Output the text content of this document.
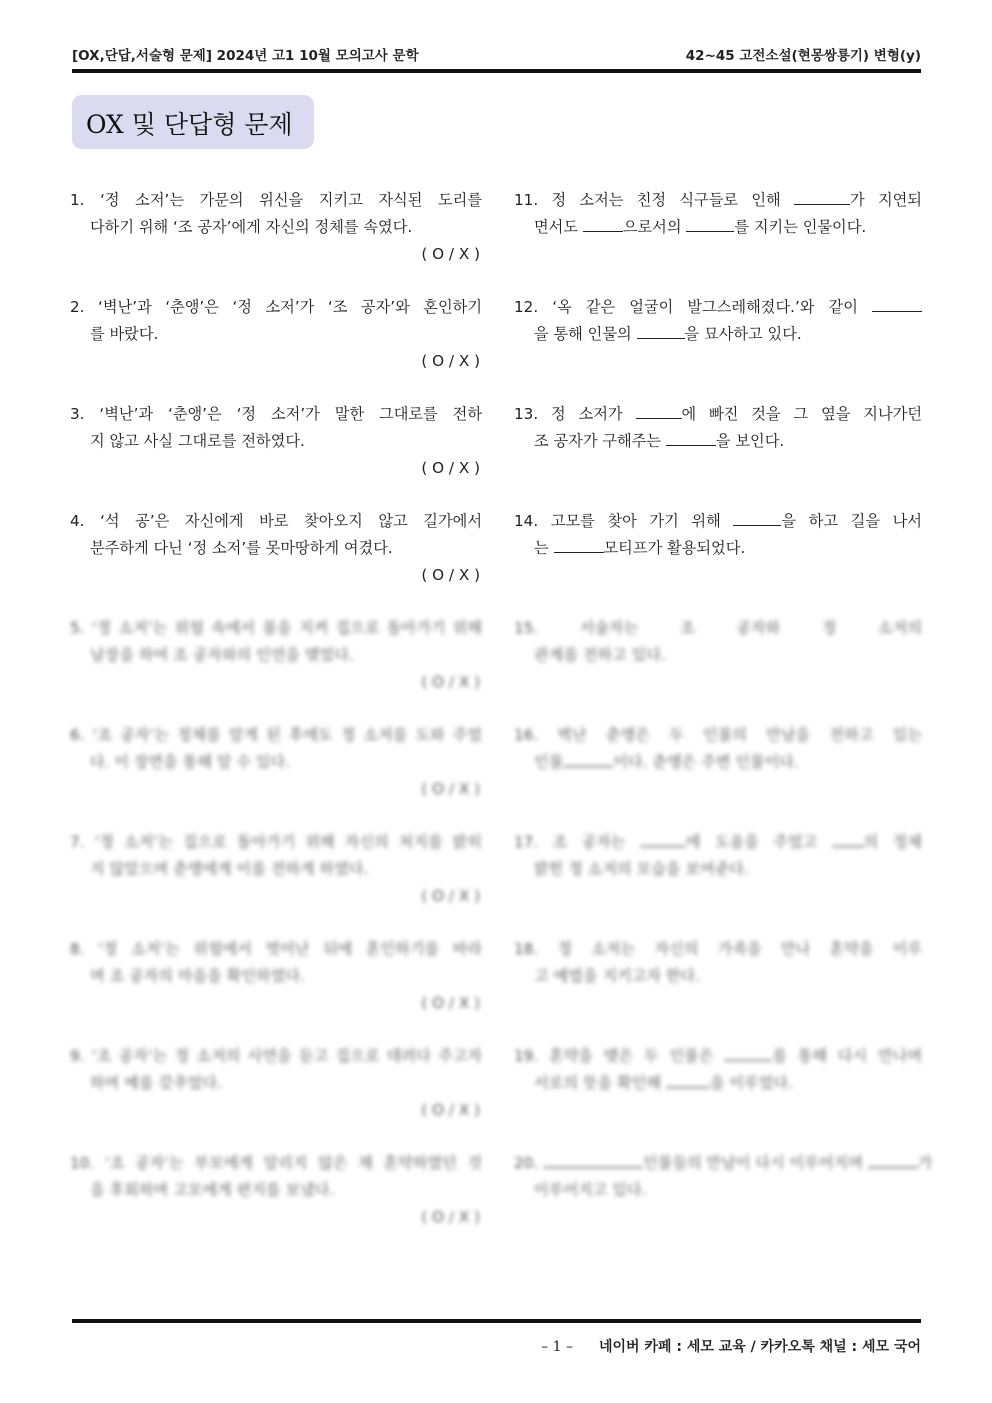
[OX,단답,서술형 문제] 2024년 고1 10월 모의고사 문학	42~45 고전소설(현몽쌍룡기) 변형(y)
OX 및 단답형 문제
1. ‘정 소저’는 가문의 위신을 지키고 자식된 도리를
다하기 위해 ‘조 공자’에게 자신의 정체를 속였다.
( O / X )
2. ‘벽난’과 ‘춘앵’은 ‘정 소저’가 ‘조 공자’와 혼인하기
를 바랐다.
( O / X )
3. ‘벽난’과 ‘춘앵’은 ‘정 소저’가 말한 그대로를 전하
지 않고 사실 그대로를 전하였다.
( O / X )
4. ‘석 공’은 자신에게 바로 찾아오지 않고 길가에서
분주하게 다닌 ‘정 소저’를 못마땅하게 여겼다.
( O / X )
5. ‘정 소저’는 위험 속에서 몸을 지켜 집으로 돌아가기 위해
남장을 하여 조 공자와의 인연을 맺었다.
( O / X )
6. ‘조 공자’는 정체를 알게 된 후에도 정 소저를 도와 주었
다. 이 장면을 통해 알 수 있다.
( O / X )
7. ‘정 소저’는 집으로 돌아가기 위해 자신의 처지를 밝히
지 않았으며 춘앵에게 이를 전하게 하였다.
( O / X )
8. ‘정 소저’는 위험에서 벗어난 뒤에 혼인하기를 바라
며 조 공자의 마음을 확인하였다.
( O / X )
9. ‘조 공자’는 정 소저의 사연을 듣고 집으로 데려다 주고자
하며 예를 갖추었다.
( O / X )
10. ‘조 공자’는 부모에게 알리지 않은 채 혼약하였던 것
을 후회하며 고모에게 편지를 보냈다.
( O / X )
11. 정 소저는 친정 식구들로 인해	가 지연되
면서도	으로서의	를 지키는 인물이다.
12. ‘옥 같은 얼굴이 발그스레해졌다.’와 같이
을 통해 인물의	을 묘사하고 있다.
13. 정 소저가	에 빠진 것을 그 옆을 지나가던
조 공자가 구해주는	을 보인다.
14. 고모를 찾아 가기 위해	을 하고 길을 나서
는	모티프가 활용되었다.
15. 서술자는 조 공자와 정 소저의
관계를 전하고 있다.
16. 벽난 춘앵은 두 인물의 만남을 전하고 있는
인물	이다. 춘앵은 주변 인물이다.
17. 조 공자는	에 도움을 주었고 의 정체
밝힌 정 소저의 모습을 보여준다.
18. 정 소저는 자신의 가족을 만나 혼약을 이루
고 예법을 지키고자 한다.
19. 혼약을 맺은 두 인물은	를 통해 다시 만나며
서로의 뜻을 확인해	을 이루었다.
20.	인물들의 만남이 다시 이루어지며	가
이루어지고 있다.
– 1 – 네이버 카페 : 세모 교육 / 카카오톡 채널 : 세모 국어
